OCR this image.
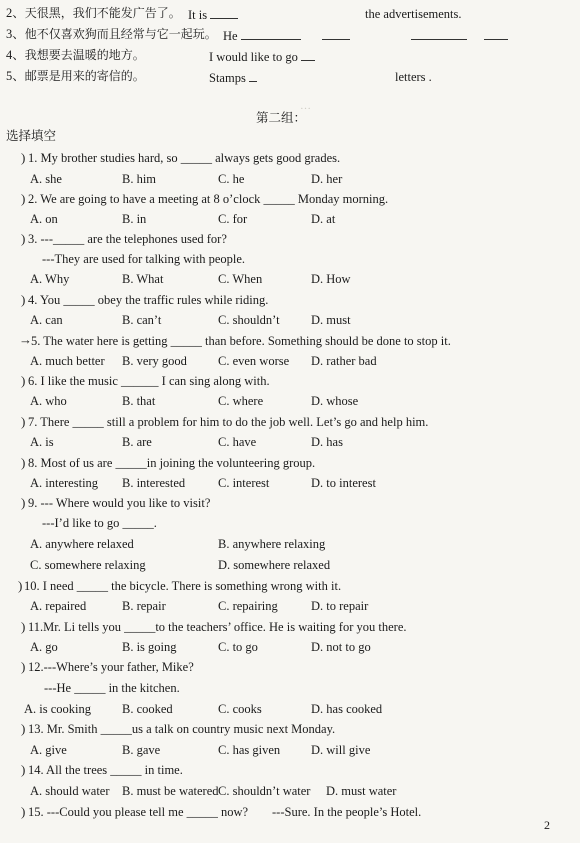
…
2、天很黑，我们不能发广告了。 It is	the advertisements.
3、他不仅喜欢狗而且经常与它一起玩。 He
4、我想要去温暖的地方。	I would like to go
5、邮票是用来的寄信的。	Stamps	letters .
第二组：
选择填空
) 1. My brother studies hard, so _____ always gets good grades.
A. she	B. him	C. he	D. her
) 2. We are going to have a meeting at 8 o’clock _____ Monday morning.
A. on	B. in	C. for	D. at
) 3. ---_____ are the telephones used for?
---They are used for talking with people.
A. Why	B. What	C. When	D. How
) 4. You _____ obey the traffic rules while riding.
A. can	B. can’t	C. shouldn’t	D. must
→ 5. The water here is getting _____ than before. Something should be done to stop it.
A. much better B. very good C. even worse D. rather bad
) 6. I like the music ______ I can sing along with.
A. who	B. that	C. where	D. whose
) 7. There _____ still a problem for him to do the job well. Let’s go and help him.
A. is	B. are	C. have	D. has
) 8. Most of us are _____in joining the volunteering group.
A. interesting B. interested	C. interest	D. to interest
) 9. --- Where would you like to visit?
---I’d like to go _____.
A. anywhere relaxed	B. anywhere relaxing
C. somewhere relaxing	D. somewhere relaxed
) 10. I need _____ the bicycle. There is something wrong with it.
A. repaired	B. repair	C. repairing	D. to repair
) 11.Mr. Li tells you _____to the teachers’ office. He is waiting for you there.
A. go	B. is going	C. to go	D. not to go
) 12.---Where’s your father, Mike?
---He _____ in the kitchen.
A. is cooking B. cooked	C. cooks	D. has cooked
) 13. Mr. Smith _____us a talk on country music next Monday.
A. give	B. gave	C. has given D. will give
) 14. All the trees _____ in time.
A. should water B. must be watered C. shouldn’t water D. must water
) 15. ---Could you please tell me _____ now? ---Sure. In the people’s Hotel.
2
